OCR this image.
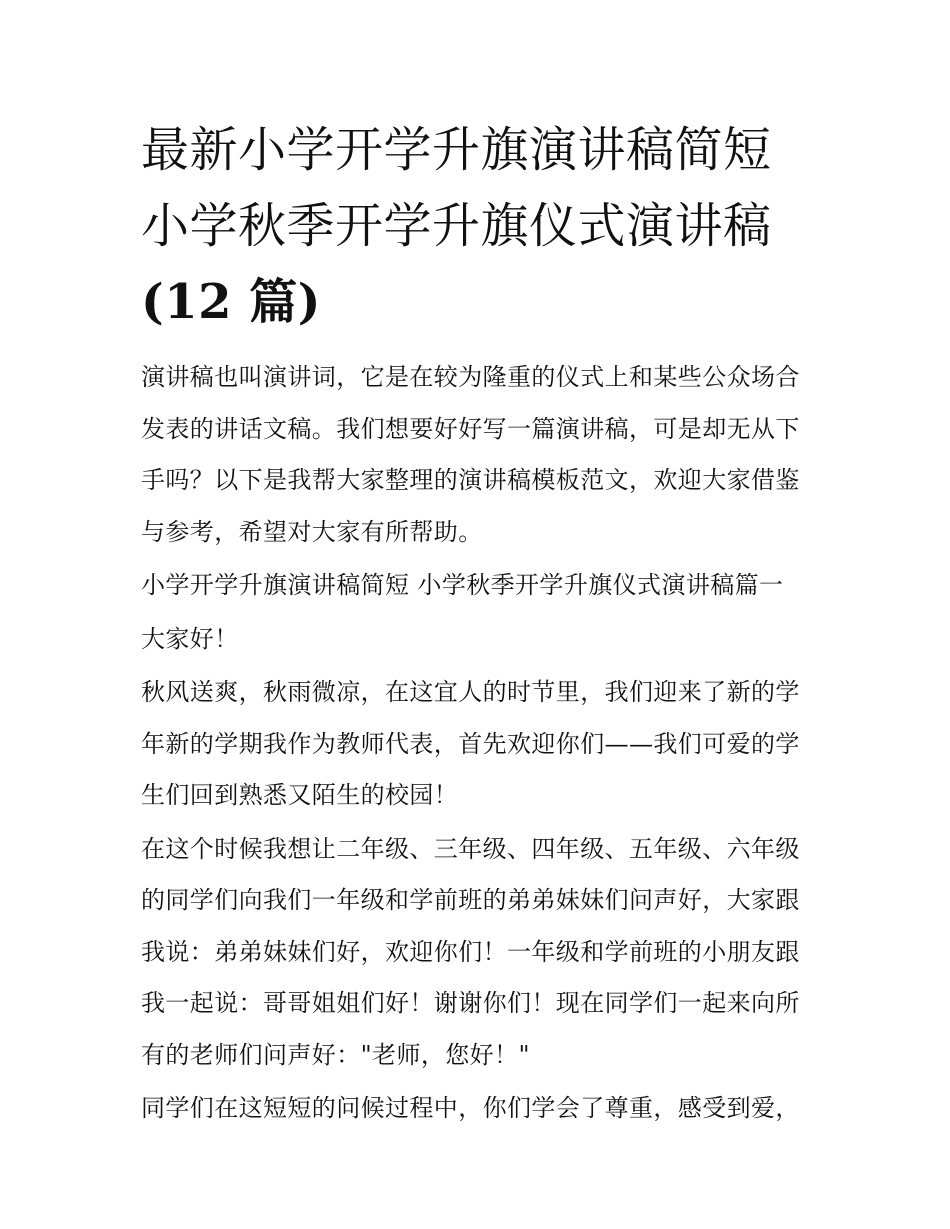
最新小学开学升旗演讲稿简短
小学秋季开学升旗仪式演讲稿
(12 篇)

演讲稿也叫演讲词，它是在较为隆重的仪式上和某些公众场合
发表的讲话文稿。我们想要好好写一篇演讲稿，可是却无从下
手吗？以下是我帮大家整理的演讲稿模板范文，欢迎大家借鉴
与参考，希望对大家有所帮助。

小学开学升旗演讲稿简短 小学秋季开学升旗仪式演讲稿篇一

大家好！

秋风送爽，秋雨微凉，在这宜人的时节里，我们迎来了新的学
年新的学期我作为教师代表，首先欢迎你们——我们可爱的学
生们回到熟悉又陌生的校园！

在这个时候我想让二年级、三年级、四年级、五年级、六年级
的同学们向我们一年级和学前班的弟弟妹妹们问声好，大家跟
我说：弟弟妹妹们好，欢迎你们！一年级和学前班的小朋友跟
我一起说：哥哥姐姐们好！谢谢你们！现在同学们一起来向所
有的老师们问声好："老师，您好！"

同学们在这短短的问候过程中，你们学会了尊重，感受到爱，
